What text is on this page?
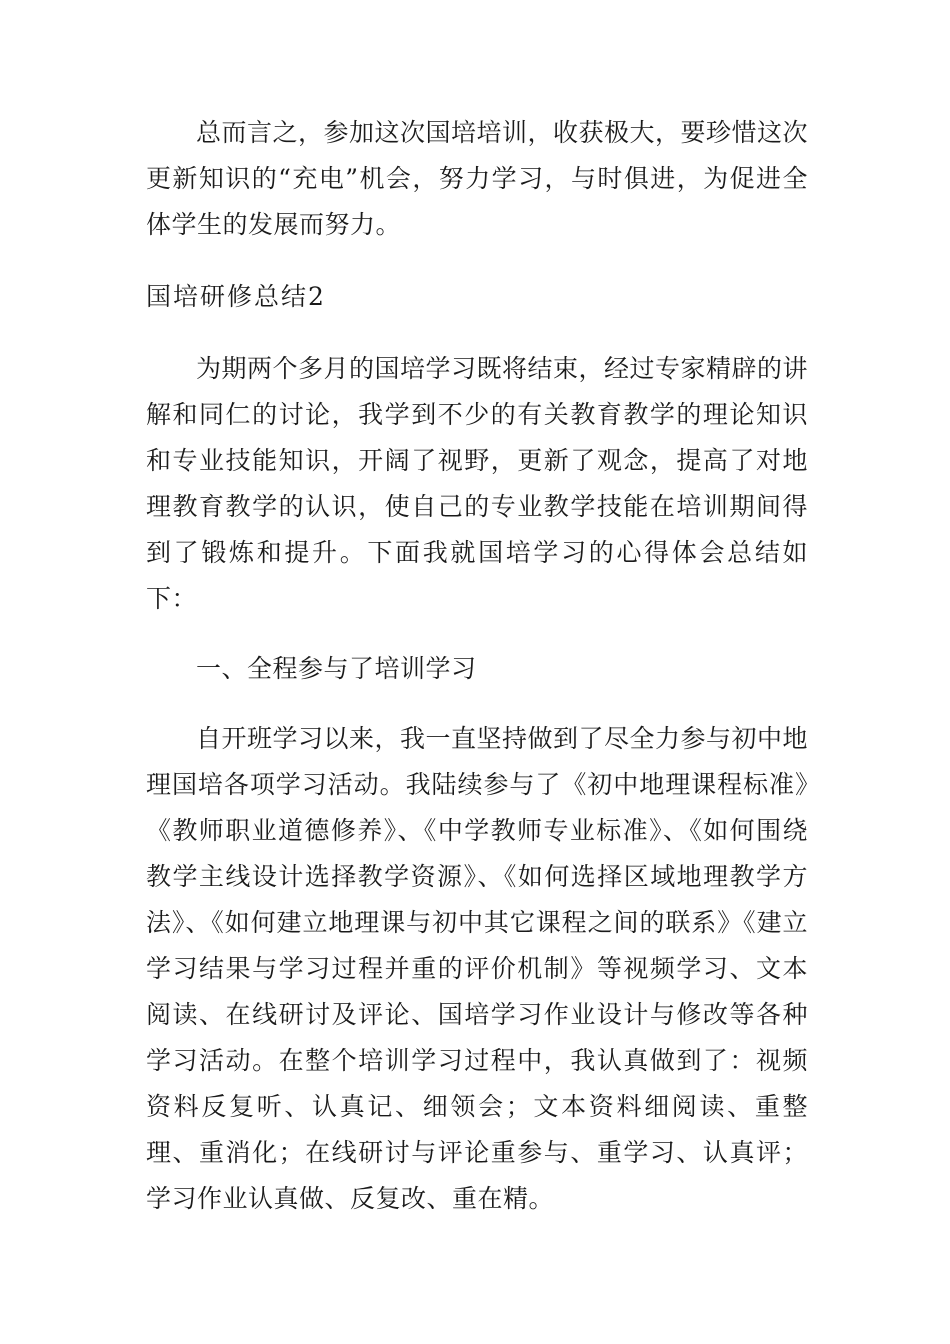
总而言之，参加这次国培培训，收获极大，要珍惜这次更新知识的“充电”机会，努力学习，与时俱进，为促进全体学生的发展而努力。

国培研修总结2

为期两个多月的国培学习既将结束，经过专家精辟的讲解和同仁的讨论，我学到不少的有关教育教学的理论知识和专业技能知识，开阔了视野，更新了观念，提高了对地理教育教学的认识，使自己的专业教学技能在培训期间得到了锻炼和提升。下面我就国培学习的心得体会总结如下：

一、全程参与了培训学习

自开班学习以来，我一直坚持做到了尽全力参与初中地理国培各项学习活动。我陆续参与了《初中地理课程标准》《教师职业道德修养》、《中学教师专业标准》、《如何围绕教学主线设计选择教学资源》、《如何选择区域地理教学方法》、《如何建立地理课与初中其它课程之间的联系》《建立学习结果与学习过程并重的评价机制》等视频学习、文本阅读、在线研讨及评论、国培学习作业设计与修改等各种学习活动。在整个培训学习过程中，我认真做到了：视频资料反复听、认真记、细领会；文本资料细阅读、重整理、重消化；在线研讨与评论重参与、重学习、认真评；学习作业认真做、反复改、重在精。
